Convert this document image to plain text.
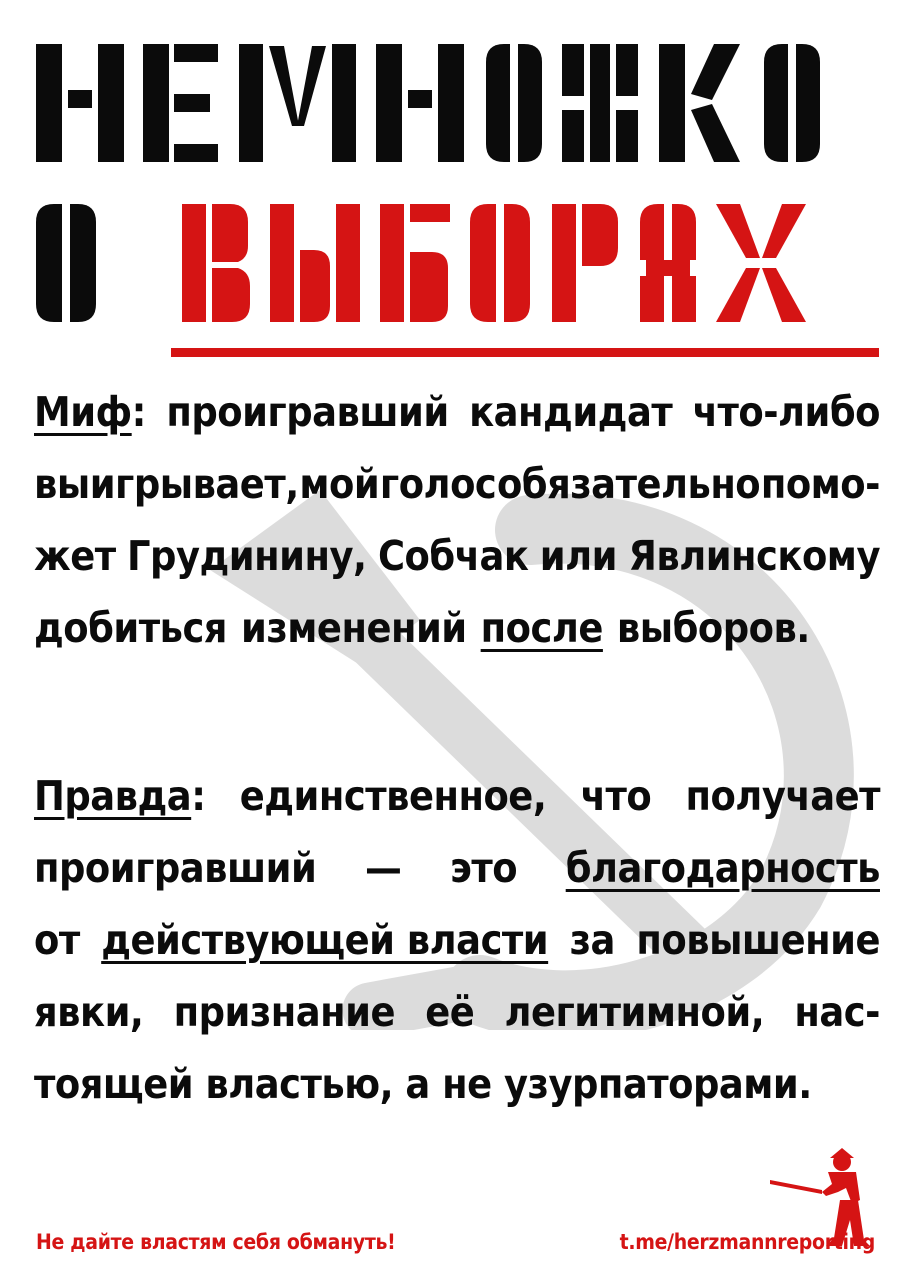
Миф: проигравший кандидат что-либо
выигрывает, мой голос обязательно помо-
жет Грудинину, Собчак или Явлинскому
добиться изменений после выборов.
Правда: единственное, что получает
проигравший — это благодарность
от действующей власти за повышение
явки, признание её легитимной, нас-
тоящей властью, а не узурпаторами.
Не дайте властям себя обмануть!	t.me/herzmannreporting
